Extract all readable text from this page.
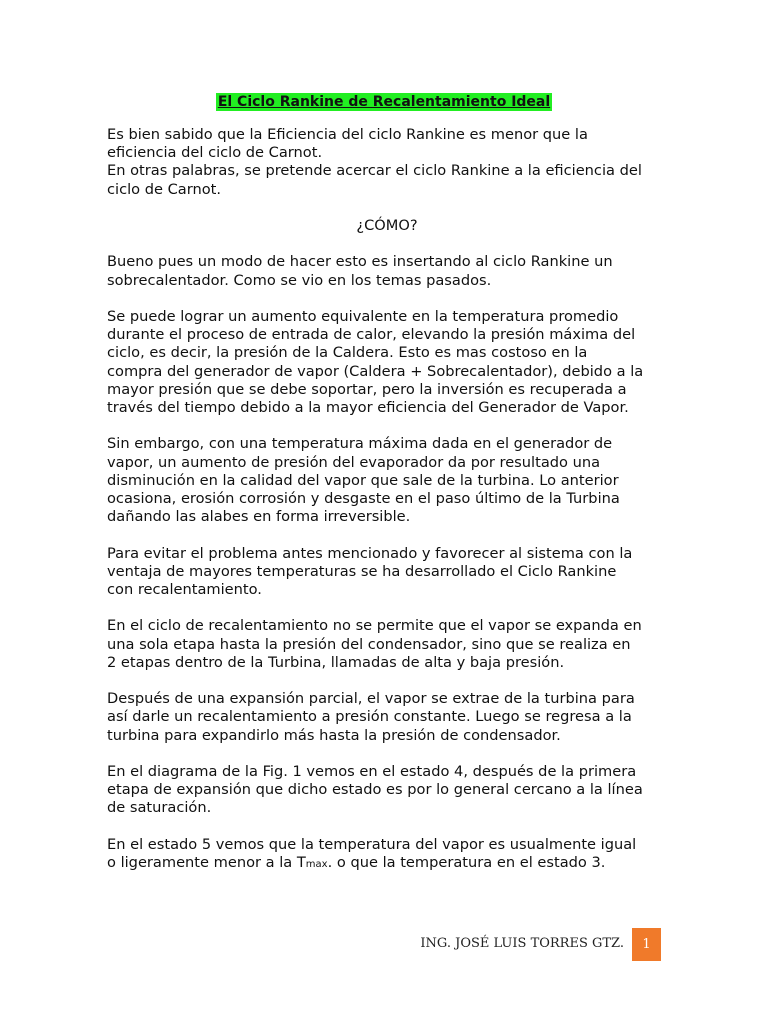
El Ciclo Rankine de Recalentamiento Ideal

Es bien sabido que la Eficiencia del ciclo Rankine es menor que la
eficiencia del ciclo de Carnot.
En otras palabras, se pretende acercar el ciclo Rankine a la eficiencia del
ciclo de Carnot.

¿CÓMO?

Bueno pues un modo de hacer esto es insertando al ciclo Rankine un
sobrecalentador. Como se vio en los temas pasados.

Se puede lograr un aumento equivalente en la temperatura promedio
durante el proceso de entrada de calor, elevando la presión máxima del
ciclo, es decir, la presión de la Caldera. Esto es mas costoso en la
compra del generador de vapor (Caldera + Sobrecalentador), debido a la
mayor presión que se debe soportar, pero la inversión es recuperada a
través del tiempo debido a la mayor eficiencia del Generador de Vapor.

Sin embargo, con una temperatura máxima dada en el generador de
vapor, un aumento de presión del evaporador da por resultado una
disminución en la calidad del vapor que sale de la turbina. Lo anterior
ocasiona, erosión corrosión y desgaste en el paso último de la Turbina
dañando las alabes en forma irreversible.

Para evitar el problema antes mencionado y favorecer al sistema con la
ventaja de mayores temperaturas se ha desarrollado el Ciclo Rankine
con recalentamiento.

En el ciclo de recalentamiento no se permite que el vapor se expanda en
una sola etapa hasta la presión del condensador, sino que se realiza en
2 etapas dentro de la Turbina, llamadas de alta y baja presión.

Después de una expansión parcial, el vapor se extrae de la turbina para
así darle un recalentamiento a presión constante. Luego se regresa a la
turbina para expandirlo más hasta la presión de condensador.

En el diagrama de la Fig. 1 vemos en el estado 4, después de la primera
etapa de expansión que dicho estado es por lo general cercano a la línea
de saturación.

En el estado 5 vemos que la temperatura del vapor es usualmente igual
o ligeramente menor a la Tmax. o que la temperatura en el estado 3.

ING. JOSÉ LUIS TORRES GTZ.	1
